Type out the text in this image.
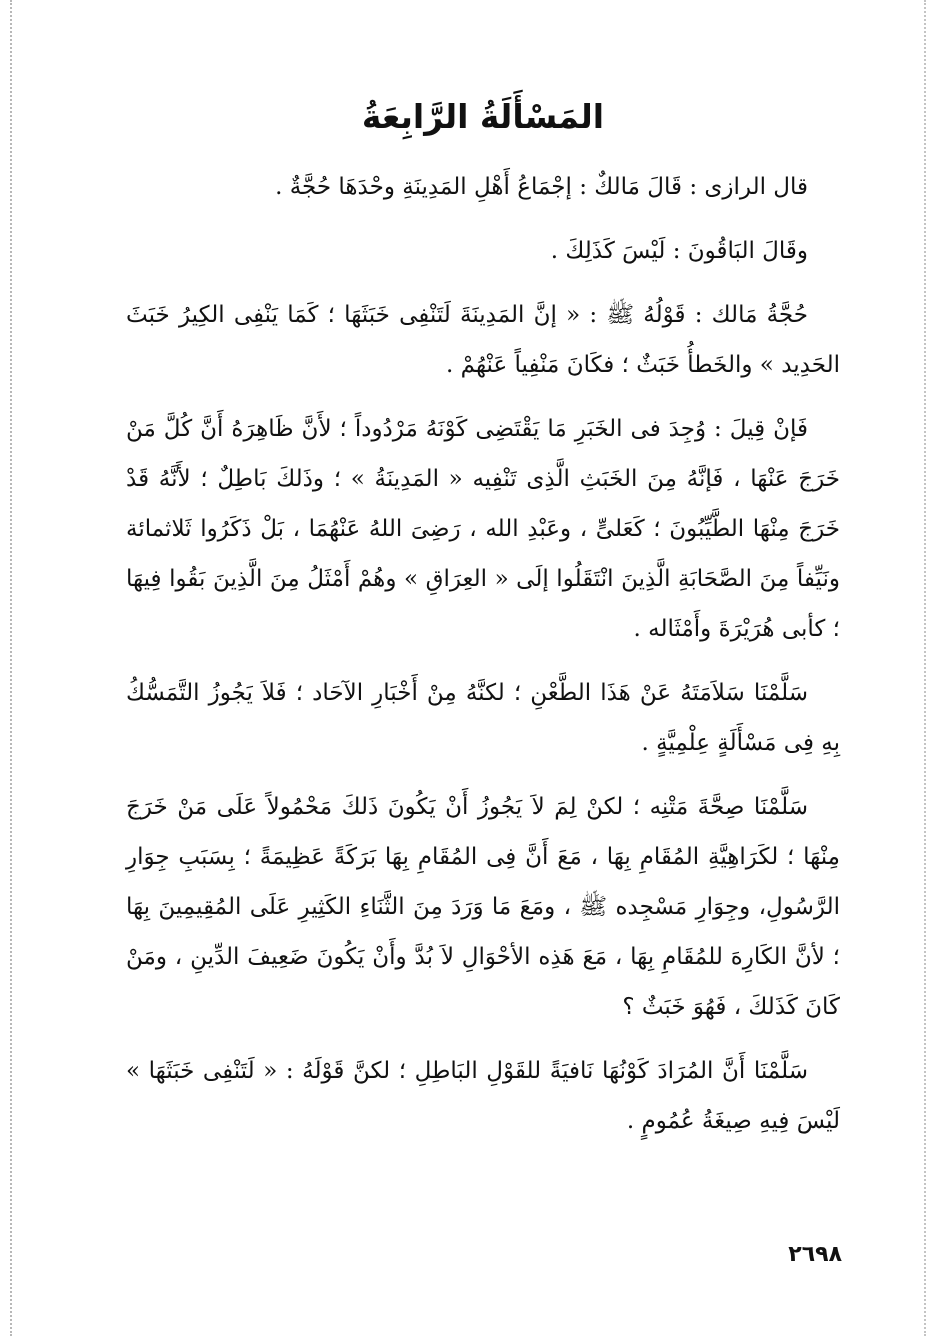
المَسْأَلَةُ الرَّابِعَةُ

قال الرازى : قَالَ مَالكٌ : إجْمَاعُ أَهْلِ المَدِينَةِ وحْدَهَا حُجَّةٌ .

وقَالَ البَاقُونَ : لَيْسَ كَذَلِكَ .

حُجَّةُ مَالك : قَوْلُهُ ﷺ : « إنَّ المَدِينَةَ لَتَنْفِى خَبَثَهَا ؛ كَمَا يَنْفِى الكِيرُ خَبَثَ الحَدِيد » والخَطأُ خَبَثٌ ؛ فكَانَ مَنْفِياً عَنْهُمْ .

فَإنْ قِيلَ : وُجِدَ فى الخَبَرِ مَا يَقْتَضِى كَوْنَهُ مَرْدُوداً ؛ لأَنَّ ظَاهِرَهُ أَنَّ كُلَّ مَنْ خَرَجَ عَنْهَا ، فَإنَّهُ مِنَ الخَبَثِ الَّذِى تَنْفِيه « المَدِينَةُ » ؛ وذَلكَ بَاطِلٌ ؛ لأَنَّهُ قَدْ خَرَجَ مِنْهَا الطَّيِّبُونَ ؛ كَعَلىٍّ ، وعَبْدِ الله ، رَضِىَ اللهُ عَنْهُمَا ، بَلْ ذَكَرُوا ثَلاثمائة ونَيِّفاً مِنَ الصَّحَابَةِ الَّذِينَ انْتَقَلُوا إلَى « العِرَاقِ » وهُمْ أَمْثَلُ مِنَ الَّذِينَ بَقُوا فِيهَا ؛ كأبى هُرَيْرَةَ وأَمْثَاله .

سَلَّمْنَا سَلاَمَتَهُ عَنْ هَذَا الطَّعْنِ ؛ لكنَّهُ مِنْ أَخْبَارِ الآحَاد ؛ فَلاَ يَجُوزُ التَّمَسُّكُ بِهِ فِى مَسْأَلَةٍ عِلْمِيَّةٍ .

سَلَّمْنَا صِحَّةَ مَتْنِه ؛ لكنْ لِمَ لاَ يَجُوزُ أَنْ يَكُونَ ذَلكَ مَحْمُولاً عَلَى مَنْ خَرَجَ مِنْهَا ؛ لكَرَاهِيَّةِ المُقَامِ بِهَا ، مَعَ أَنَّ فِى المُقَامِ بِهَا بَرَكَةً عَظِيمَةً ؛ بِسَبَبِ جِوَارِ الرَّسُولِ، وجِوَارِ مَسْجِده ﷺ ، ومَعَ مَا وَرَدَ مِنَ الثَّنَاءِ الكَثِيرِ عَلَى المُقِيمِينَ بِهَا ؛ لأنَّ الكَارِهَ للمُقَامِ بِهَا ، مَعَ هَذِه الأحْوَالِ لاَ بُدَّ وأَنْ يَكُونَ ضَعِيفَ الدِّينِ ، ومَنْ كَانَ كَذَلكَ ، فَهُوَ خَبَثٌ ؟

سَلَّمْنَا أَنَّ المُرَادَ كَوْنُهَا نَافيَةً للقَوْلِ البَاطِلِ ؛ لكنَّ قَوْلَهُ : « لَتَنْفِى خَبَثَهَا » لَيْسَ فِيهِ صِيغَةُ عُمُومٍ .

٢٦٩٨
